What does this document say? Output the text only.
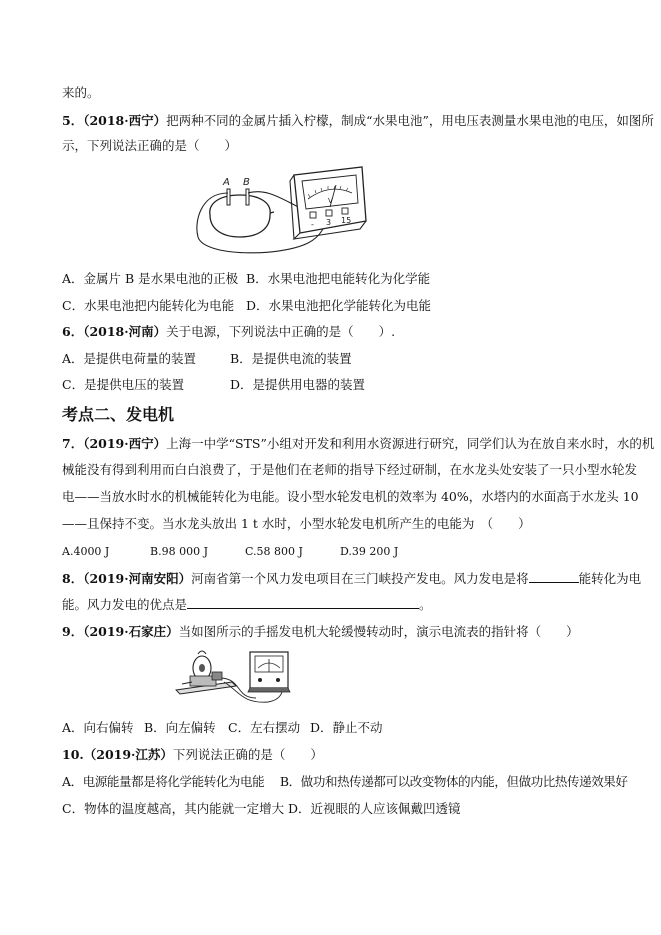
来的。
5．（2018·西宁）把两种不同的金属片插入柠檬，制成“水果电池”，用电压表测量水果电池的电压，如图所
示，下列说法正确的是（　　）
A B
V
- 3 15
A．金属片 B 是水果电池的正极 B．水果电池把电能转化为化学能
C．水果电池把内能转化为电能 D．水果电池把化学能转化为电能
6．（2018·河南）关于电源，下列说法中正确的是（　　）.
A．是提供电荷量的装置	B．是提供电流的装置
C．是提供电压的装置	D．是提供用电器的装置
考点二、发电机
7．（2019·西宁）上海一中学“STS”小组对开发和利用水资源进行研究，同学们认为在放自来水时，水的机
械能没有得到利用而白白浪费了，于是他们在老师的指导下经过研制，在水龙头处安装了一只小型水轮发
电——当放水时水的机械能转化为电能。设小型水轮发电机的效率为 40%，水塔内的水面高于水龙头 10
——且保持不变。当水龙头放出 1 t 水时，小型水轮发电机所产生的电能为　（　　）
A.4000 J	B.98 000 J	C.58 800 J	D.39 200 J
8．（2019·河南安阳）河南省第一个风力发电项目在三门峡投产发电。风力发电是将	能转化为电
能。风力发电的优点是	。
9．（2019·石家庄）当如图所示的手摇发电机大轮缓慢转动时，演示电流表的指针将（　　）
A．向右偏转 B．向左偏转 C．左右摆动 D．静止不动
10.（2019·江苏）下列说法正确的是（　　）
A．电源能量都是将化学能转化为电能　 B．做功和热传递都可以改变物体的内能，但做功比热传递效果好
C．物体的温度越高，其内能就一定增大 D．近视眼的人应该佩戴凹透镜
